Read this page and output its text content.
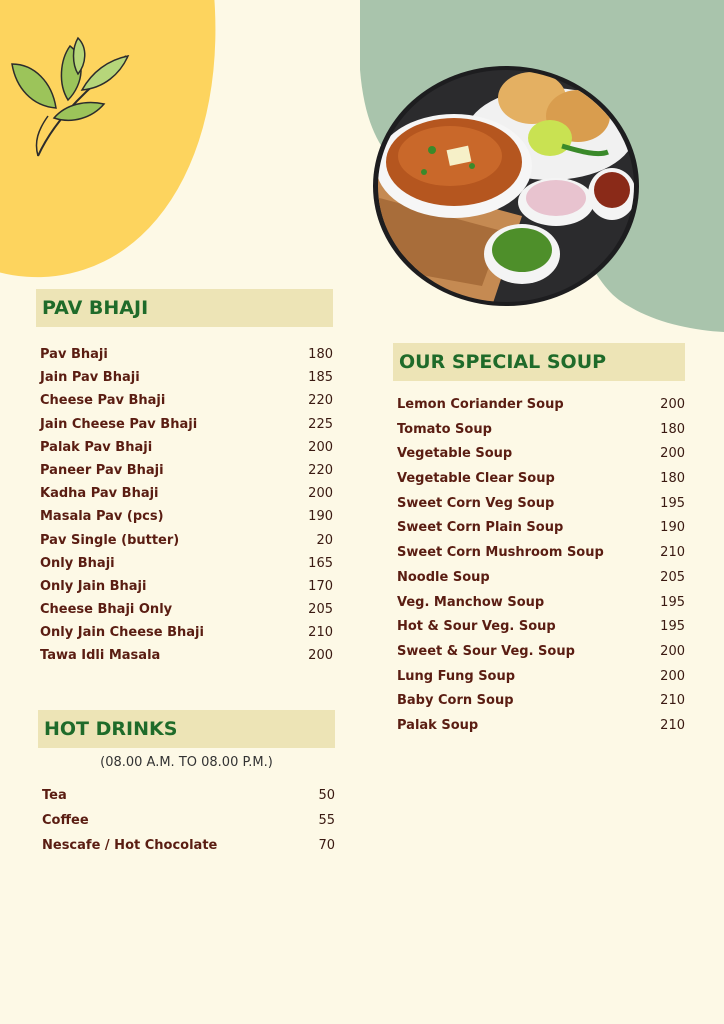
PAV BHAJI
Pav Bhaji	180
Jain Pav Bhaji	185
Cheese Pav Bhaji	220
Jain Cheese Pav Bhaji	225
Palak Pav Bhaji	200
Paneer Pav Bhaji	220
Kadha Pav Bhaji	200
Masala Pav (pcs)	190
Pav Single (butter)	20
Only Bhaji	165
Only Jain Bhaji	170
Cheese Bhaji Only	205
Only Jain Cheese Bhaji	210
Tawa Idli Masala	200
HOT DRINKS
(08.00 A.M. TO 08.00 P.M.)
Tea	50
Coffee	55
Nescafe / Hot Chocolate	70
OUR SPECIAL SOUP
Lemon Coriander Soup	200
Tomato Soup	180
Vegetable Soup	200
Vegetable Clear Soup	180
Sweet Corn Veg Soup	195
Sweet Corn Plain Soup	190
Sweet Corn Mushroom Soup	210
Noodle Soup	205
Veg. Manchow Soup	195
Hot & Sour Veg. Soup	195
Sweet & Sour Veg. Soup	200
Lung Fung Soup	200
Baby Corn Soup	210
Palak Soup	210
